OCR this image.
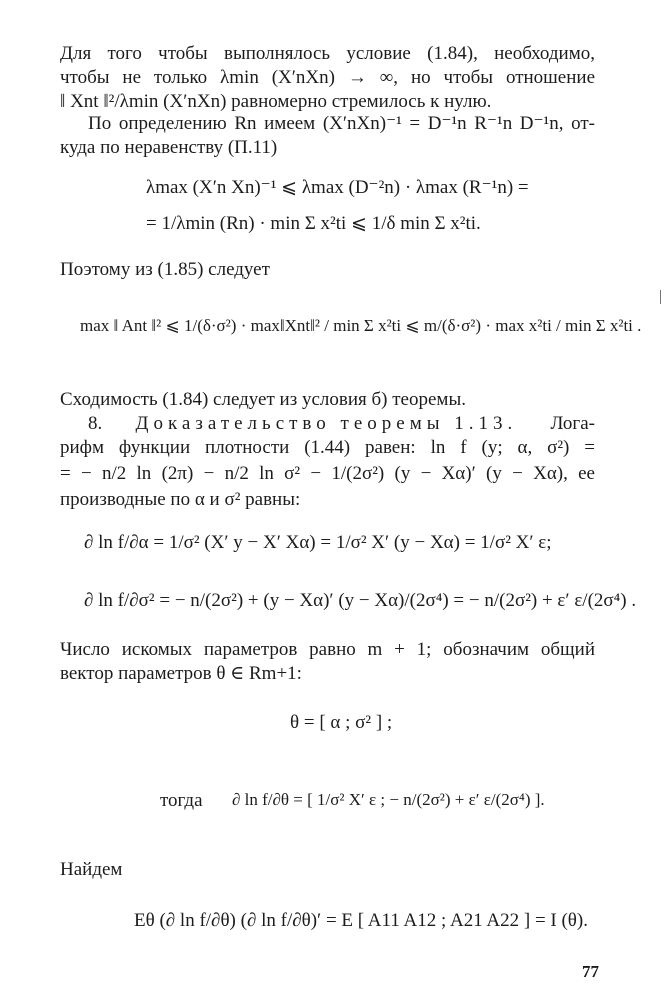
Для того чтобы выполнялось условие (1.84), необходимо,
чтобы не только λmin (X′nXn) → ∞, но чтобы отношение
‖ Xnt ‖²/λmin (X′nXn) равномерно стремилось к нулю.
По определению Rn имеем (X′nXn)⁻¹ = D⁻¹n R⁻¹n D⁻¹n, от-
куда по неравенству (П.11)
λmax (X′n Xn)⁻¹ ⩽ λmax (D⁻²n) · λmax (R⁻¹n) =
= 1/λmin (Rn) · min Σ x²ti ⩽ 1/δ min Σ x²ti.
Поэтому из (1.85) следует
max ‖ Ant ‖² ⩽ 1/(δ·σ²) · max‖Xnt‖² / min Σ x²ti ⩽ m/(δ·σ²) · max x²ti / min Σ x²ti .
Сходимость (1.84) следует из условия б) теоремы.
8. Доказательство теоремы 1.13. Лога-
рифм функции плотности (1.44) равен: ln f (y; α, σ²) =
= − n/2 ln (2π) − n/2 ln σ² − 1/(2σ²) (y − Xα)′ (y − Xα), ее
производные по α и σ² равны:
∂ ln f/∂α = 1/σ² (X′ y − X′ Xα) = 1/σ² X′ (y − Xα) = 1/σ² X′ ε;
∂ ln f/∂σ² = − n/(2σ²) + (y − Xα)′ (y − Xα)/(2σ⁴) = − n/(2σ²) + ε′ ε/(2σ⁴) .
Число искомых параметров равно m + 1; обозначим общий
вектор параметров θ ∈ Rm+1:
θ = [ α ; σ² ] ;
тогда ∂ ln f/∂θ = [ 1/σ² X′ ε ; − n/(2σ²) + ε′ ε/(2σ⁴) ].
Найдем
Eθ (∂ ln f/∂θ) (∂ ln f/∂θ)′ = E [ A11 A12 ; A21 A22 ] = I (θ).
77
